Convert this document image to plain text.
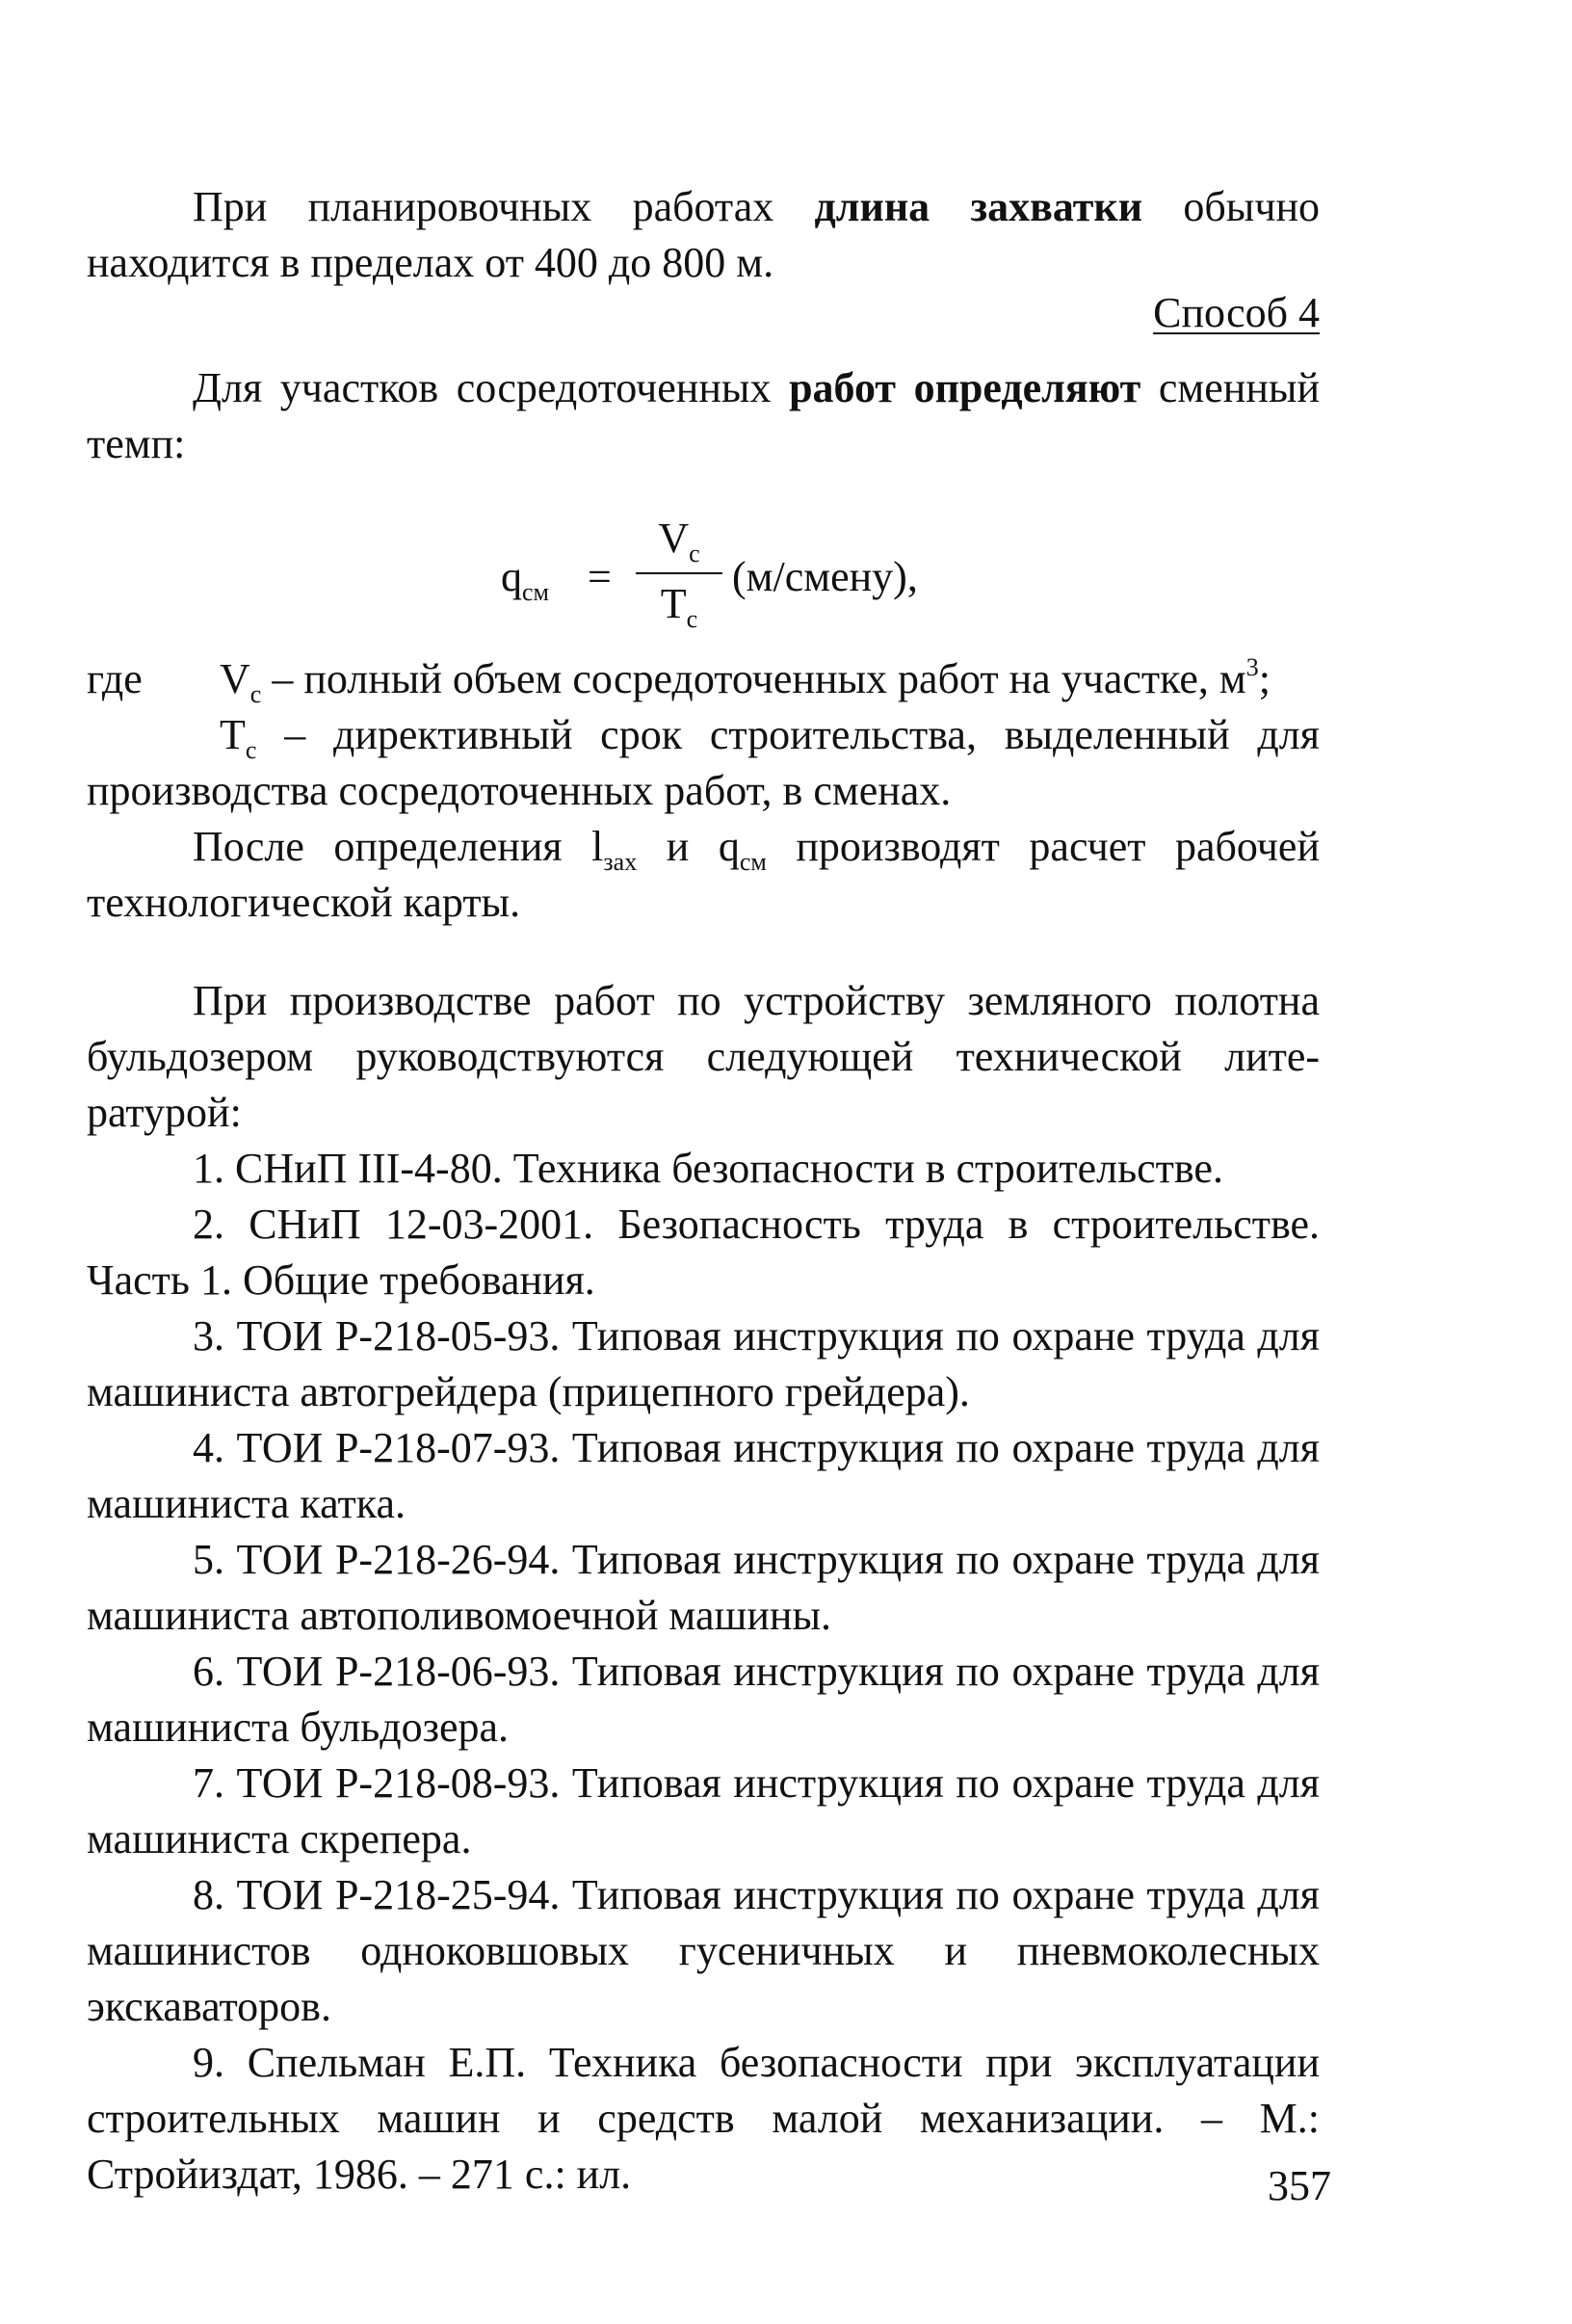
При планировочных работах длина захватки обычно
находится в пределах от 400 до 800 м.
Способ 4
Для участков сосредоточенных работ определяют сменный
темп:
$q_{см}$ =
$V_с$
$T_с$
(м/смену),
где $V_с$ – полный объем сосредоточенных работ на участке, $м^3$;
$T_с$ – директивный срок строительства, выделенный для
производства сосредоточенных работ, в сменах.
После определения $l_{зах}$ и $q_{см}$ производят расчет рабочей
технологической карты.
При производстве работ по устройству земляного полотна
бульдозером руководствуются следующей технической лите-
ратурой:
1. СНиП III-4-80. Техника безопасности в строительстве.
2. СНиП 12-03-2001. Безопасность труда в строительстве.
Часть 1. Общие требования.
3. ТОИ Р-218-05-93. Типовая инструкция по охране труда для
машиниста автогрейдера (прицепного грейдера).
4. ТОИ Р-218-07-93. Типовая инструкция по охране труда для
машиниста катка.
5. ТОИ Р-218-26-94. Типовая инструкция по охране труда для
машиниста автополивомоечной машины.
6. ТОИ Р-218-06-93. Типовая инструкция по охране труда для
машиниста бульдозера.
7. ТОИ Р-218-08-93. Типовая инструкция по охране труда для
машиниста скрепера.
8. ТОИ Р-218-25-94. Типовая инструкция по охране труда для
машинистов одноковшовых гусеничных и пневмоколесных
экскаваторов.
9. Спельман Е.П. Техника безопасности при эксплуатации
строительных машин и средств малой механизации. – М.:
Стройиздат, 1986. – 271 с.: ил.	357
